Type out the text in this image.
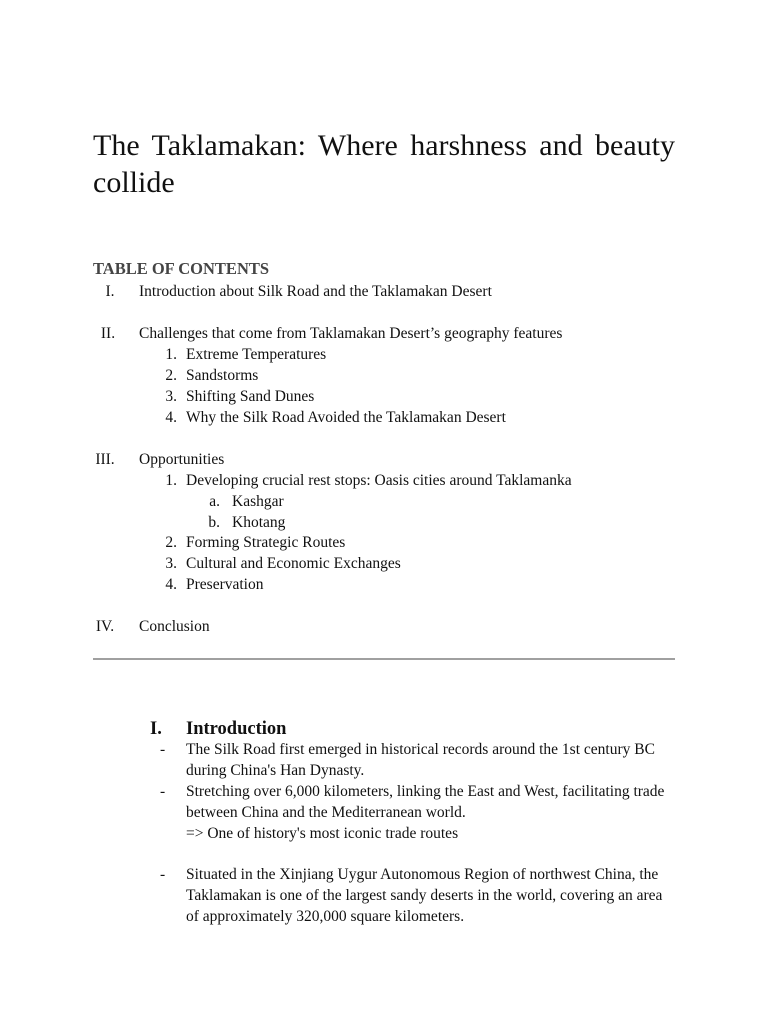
The Taklamakan: Where harshness and beauty collide
TABLE OF CONTENTS
I.	Introduction about Silk Road and the Taklamakan Desert
II.	Challenges that come from Taklamakan Desert’s geography features
1. Extreme Temperatures
2. Sandstorms
3. Shifting Sand Dunes
4. Why the Silk Road Avoided the Taklamakan Desert
III.	Opportunities
1. Developing crucial rest stops: Oasis cities around Taklamanka
a. Kashgar
b. Khotang
2. Forming Strategic Routes
3. Cultural and Economic Exchanges
4. Preservation
IV.	Conclusion
I. Introduction
- The Silk Road first emerged in historical records around the 1st century BC during China's Han Dynasty.

- Stretching over 6,000 kilometers, linking the East and West, facilitating trade between China and the Mediterranean world.

=> One of history's most iconic trade routes

- Situated in the Xinjiang Uygur Autonomous Region of northwest China, the Taklamakan is one of the largest sandy deserts in the world, covering an area of approximately 320,000 square kilometers.
